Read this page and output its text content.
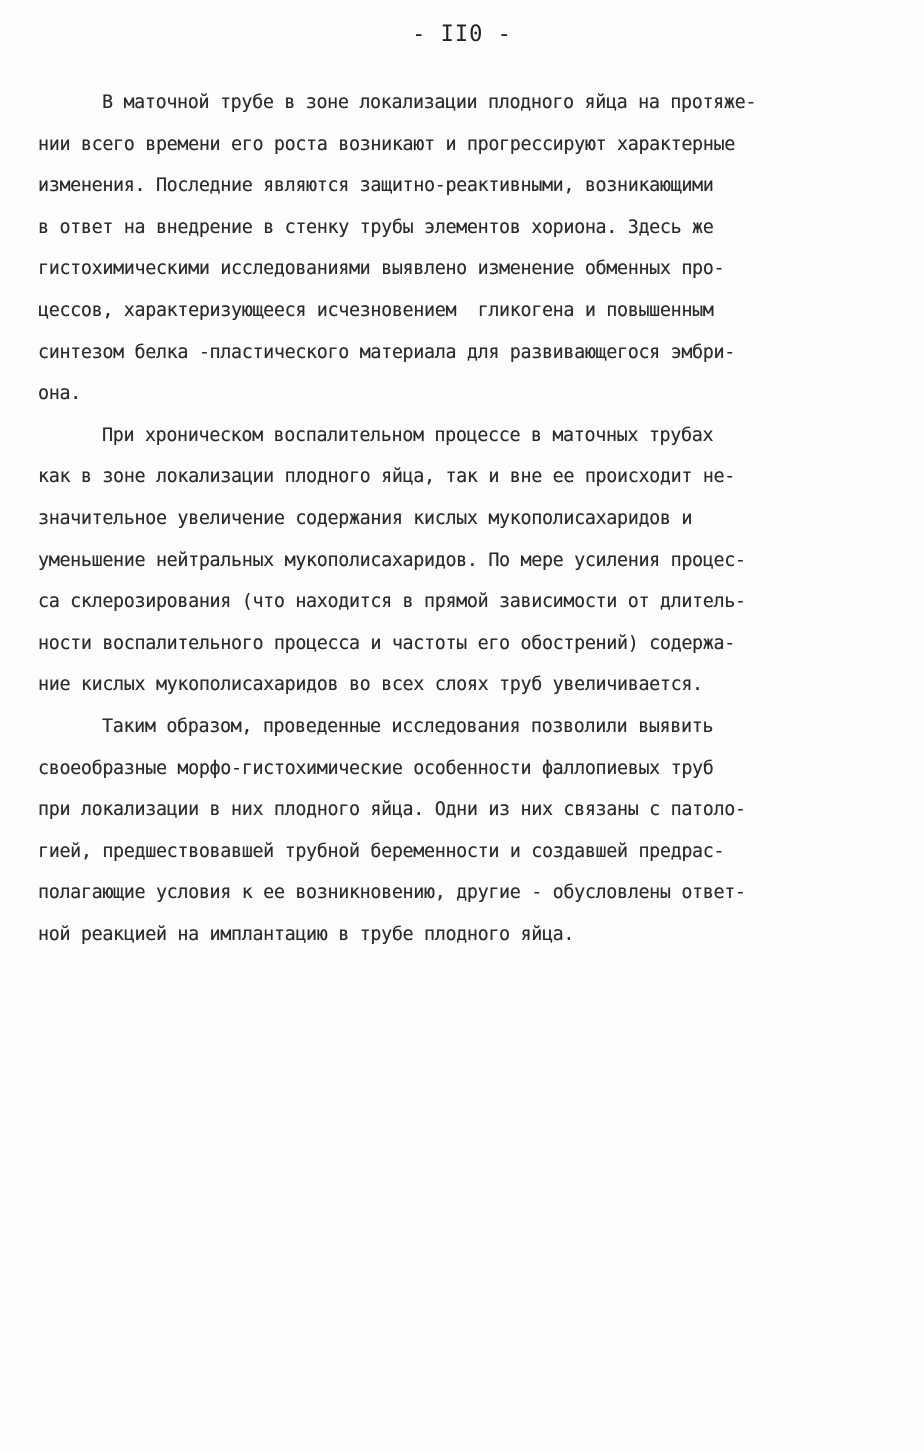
- II0 -
В маточной трубе в зоне локализации плодного яйца на протяже-
нии всего времени его роста возникают и прогрессируют характерные
изменения. Последние являются защитно-реактивными, возникающими
в ответ на внедрение в стенку трубы элементов хориона. Здесь же
гистохимическими исследованиями выявлено изменение обменных про-
цессов, характеризующееся исчезновением  гликогена и повышенным
синтезом белка -пластического материала для развивающегося эмбри-
она.
При хроническом воспалительном процессе в маточных трубах
как в зоне локализации плодного яйца, так и вне ее происходит не-
значительное увеличение содержания кислых мукополисахаридов и
уменьшение нейтральных мукополисахаридов. По мере усиления процес-
са склерозирования (что находится в прямой зависимости от длитель-
ности воспалительного процесса и частоты его обострений) содержа-
ние кислых мукополисахаридов во всех слоях труб увеличивается.
Таким образом, проведенные исследования позволили выявить
своеобразные морфо-гистохимические особенности фаллопиевых труб
при локализации в них плодного яйца. Одни из них связаны с патоло-
гией, предшествовавшей трубной беременности и создавшей предрас-
полагающие условия к ее возникновению, другие - обусловлены ответ-
ной реакцией на имплантацию в трубе плодного яйца.
